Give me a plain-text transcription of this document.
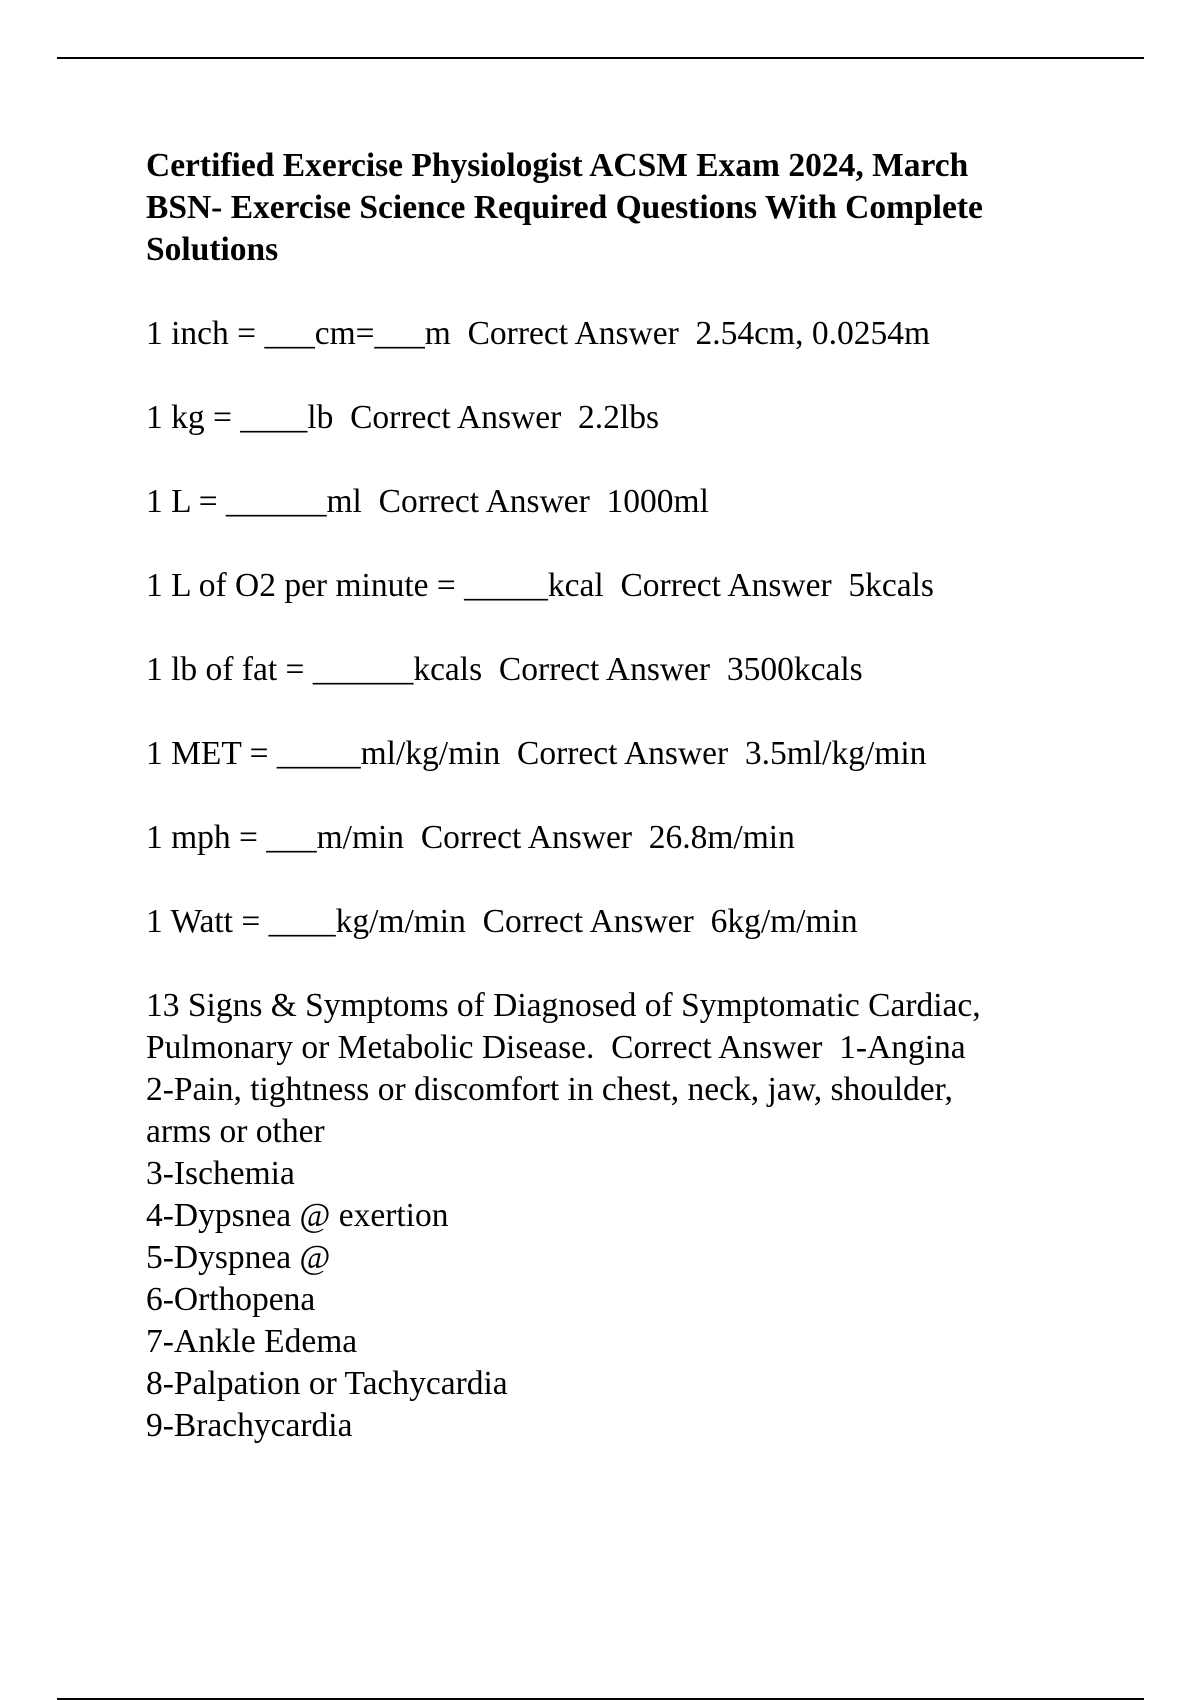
Certified Exercise Physiologist ACSM Exam 2024, March
BSN- Exercise Science Required Questions With Complete
Solutions
1 inch = ___cm=___m Correct Answer 2.54cm, 0.0254m
1 kg = ____lb Correct Answer 2.2lbs
1 L = ______ml Correct Answer 1000ml
1 L of O2 per minute = _____kcal Correct Answer 5kcals
1 lb of fat = ______kcals Correct Answer 3500kcals
1 MET = _____ml/kg/min Correct Answer 3.5ml/kg/min
1 mph = ___m/min Correct Answer 26.8m/min
1 Watt = ____kg/m/min Correct Answer 6kg/m/min
13 Signs & Symptoms of Diagnosed of Symptomatic Cardiac,
Pulmonary or Metabolic Disease.  Correct Answer  1-Angina
2-Pain, tightness or discomfort in chest, neck, jaw, shoulder,
arms or other
3-Ischemia
4-Dypsnea @ exertion
5-Dyspnea @
6-Orthopena
7-Ankle Edema
8-Palpation or Tachycardia
9-Brachycardia
